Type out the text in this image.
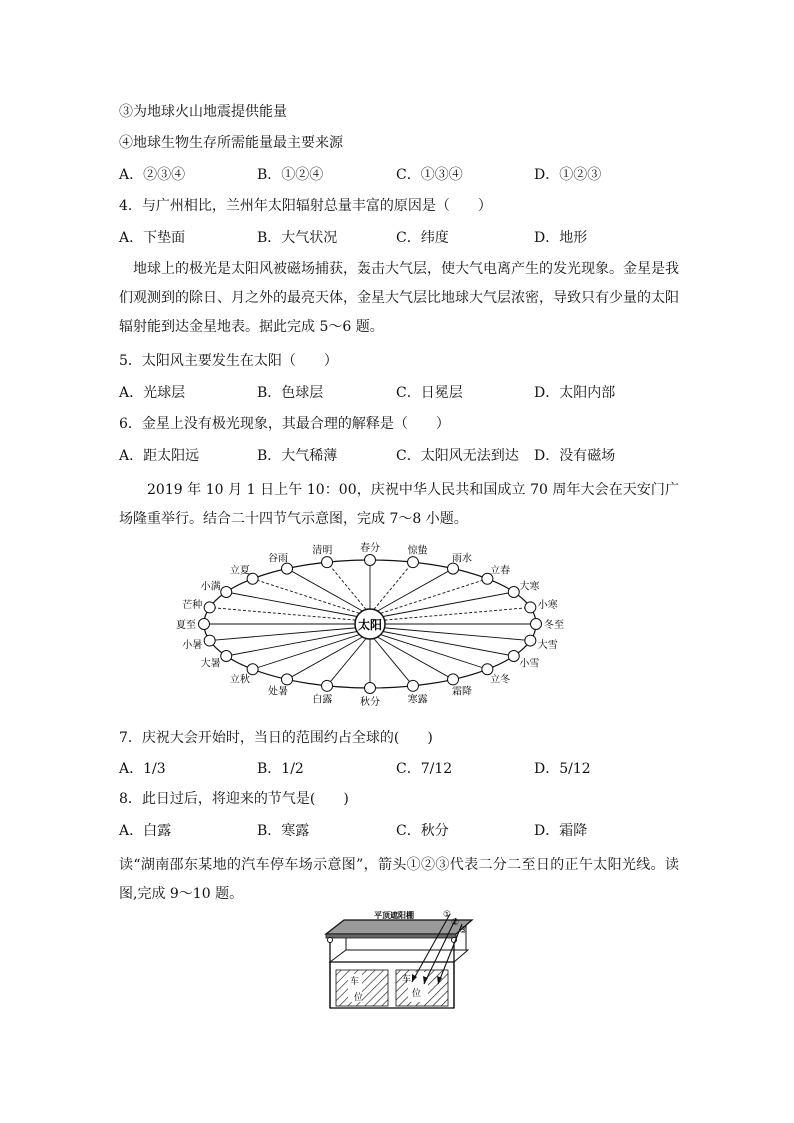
③为地球火山地震提供能量
④地球生物生存所需能量最主要来源
A．②③④	B．①②④	C．①③④	D．①②③
4．与广州相比，兰州年太阳辐射总量丰富的原因是（　　）
A．下垫面	B．大气状况	C．纬度	D．地形
地球上的极光是太阳风被磁场捕获，轰击大气层，使大气电离产生的发光现象。金星是我们观测到的除日、月之外的最亮天体，金星大气层比地球大气层浓密，导致只有少量的太阳辐射能到达金星地表。据此完成 5～6 题。
5．太阳风主要发生在太阳（　　）
A．光球层	B．色球层	C．日冕层	D．太阳内部
6．金星上没有极光现象，其最合理的解释是（　　）
A．距太阳远	B．大气稀薄	C．太阳风无法到达 D．没有磁场
2019 年 10 月 1 日上午 10：00，庆祝中华人民共和国成立 70 周年大会在天安门广场隆重举行。结合二十四节气示意图，完成 7～8 小题。
冬至
小寒
大寒
立春
雨水
惊蛰
春分
清明
谷雨
立夏
小满
芒种
夏至
小暑
大暑
立秋
处暑
白露	秋分	寒露
霜降
立冬
小雪
大雪
太阳
7．庆祝大会开始时，当日的范围约占全球的(　　)
A．1/3	B．1/2	C．7/12	D．5/12
8．此日过后，将迎来的节气是(　　)
A．白露	B．寒露	C．秋分	D．霜降
读“湖南邵东某地的汽车停车场示意图”，箭头①②③代表二分二至日的正午太阳光线。读图,完成 9～10 题。
平顶遮阳棚	①
②
③
车
位
车
位
